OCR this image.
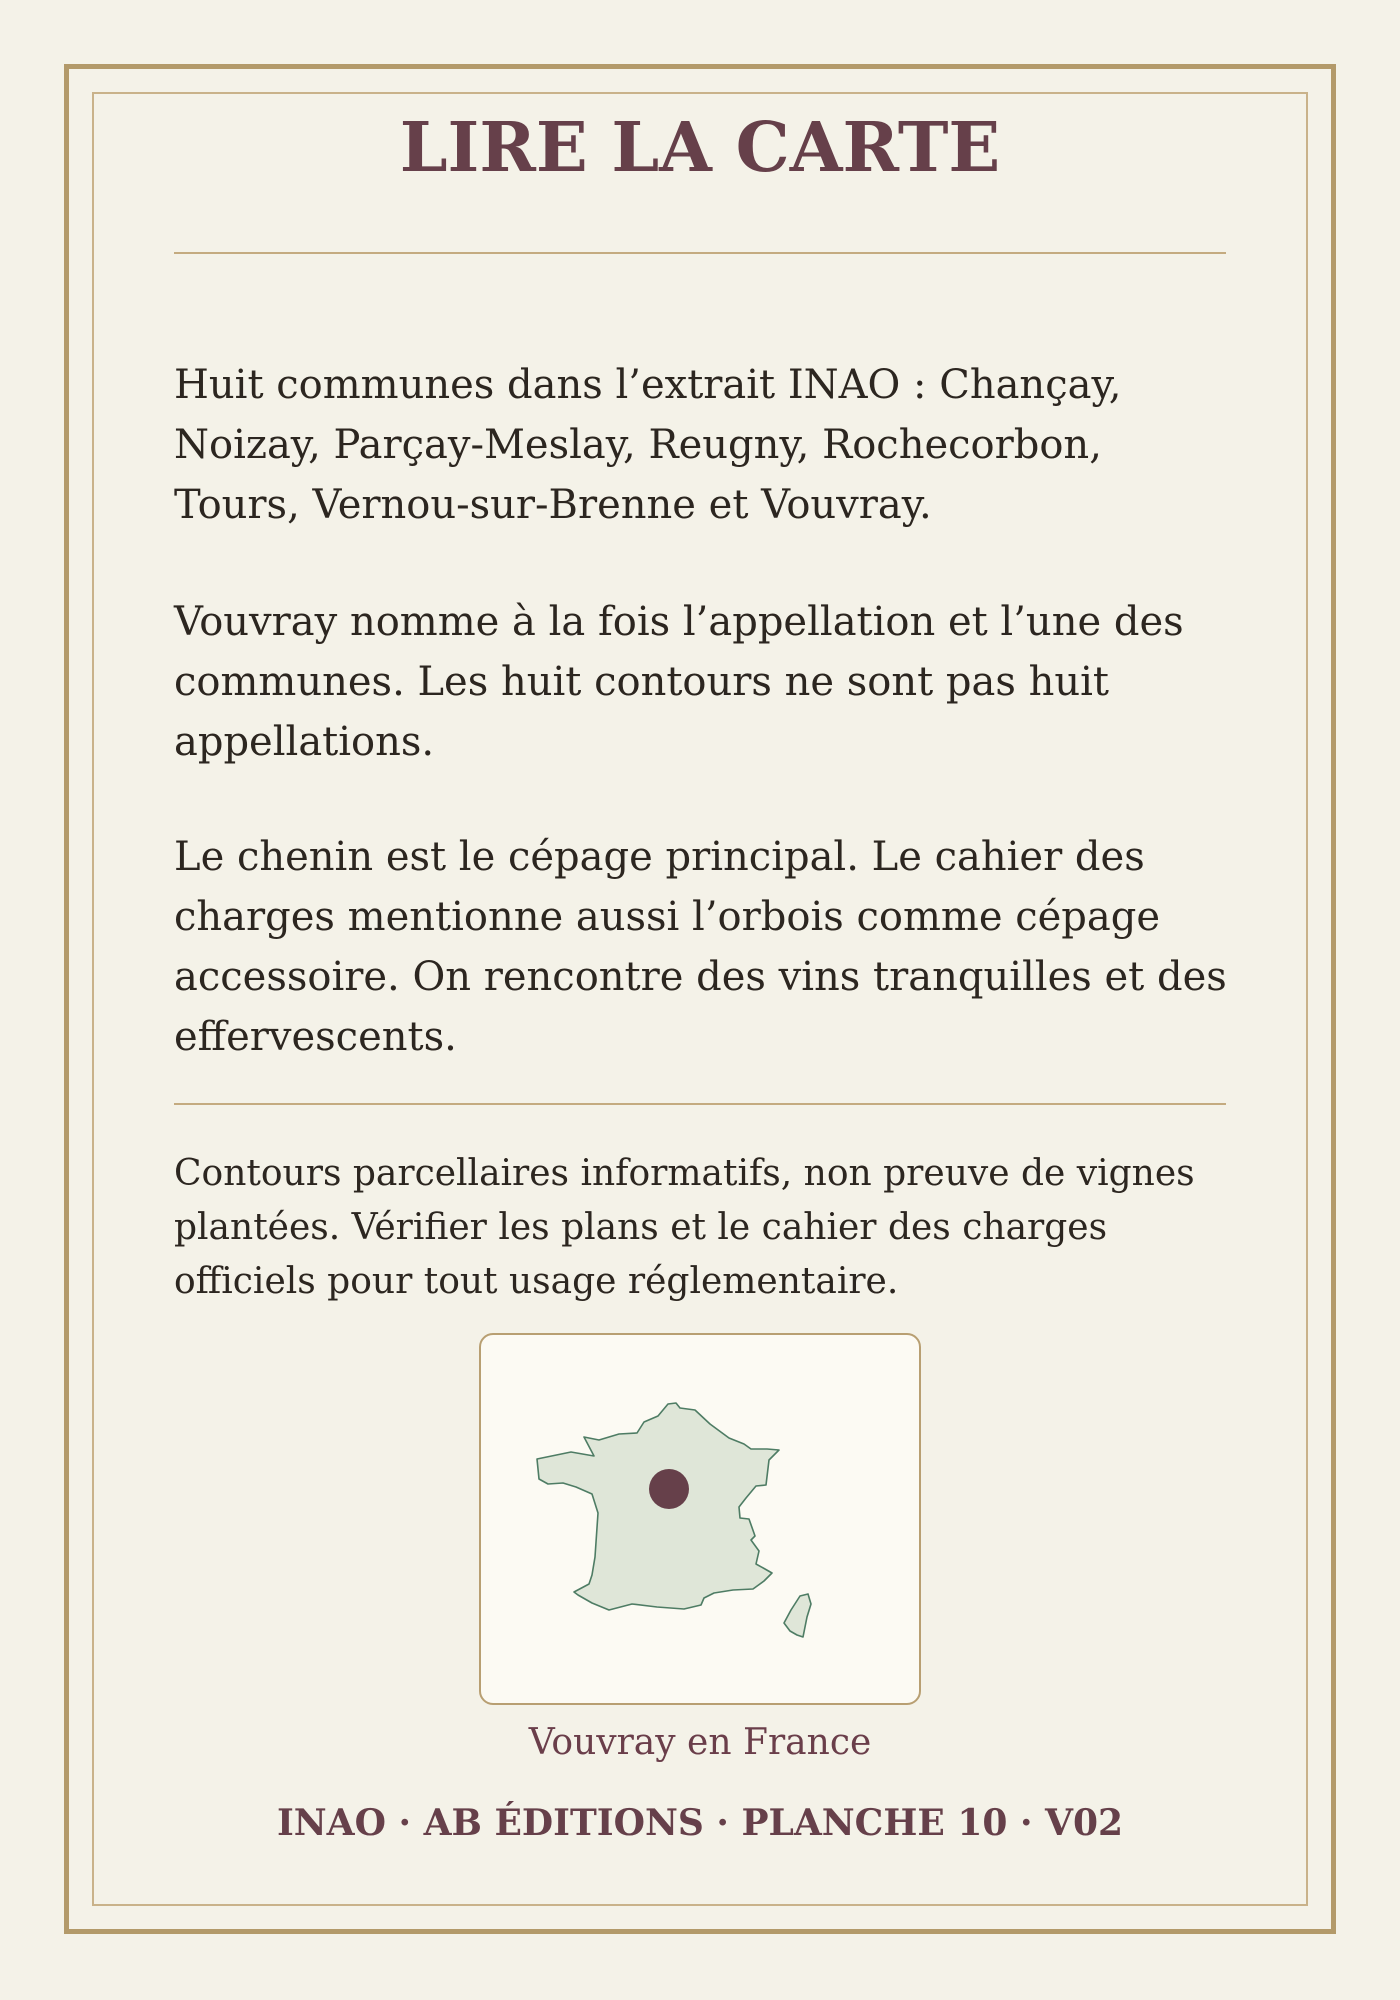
LIRE LA CARTE

Huit communes dans l’extrait INAO : Chançay, Noizay, Parçay-Meslay, Reugny, Rochecorbon, Tours, Vernou-sur-Brenne et Vouvray.

Vouvray nomme à la fois l’appellation et l’une des communes. Les huit contours ne sont pas huit appellations.

Le chenin est le cépage principal. Le cahier des charges mentionne aussi l’orbois comme cépage accessoire. On rencontre des vins tranquilles et des effervescents.

Contours parcellaires informatifs, non preuve de vignes plantées. Vérifier les plans et le cahier des charges officiels pour tout usage réglementaire.

Vouvray en France
INAO · AB ÉDITIONS · PLANCHE 10 · V02
